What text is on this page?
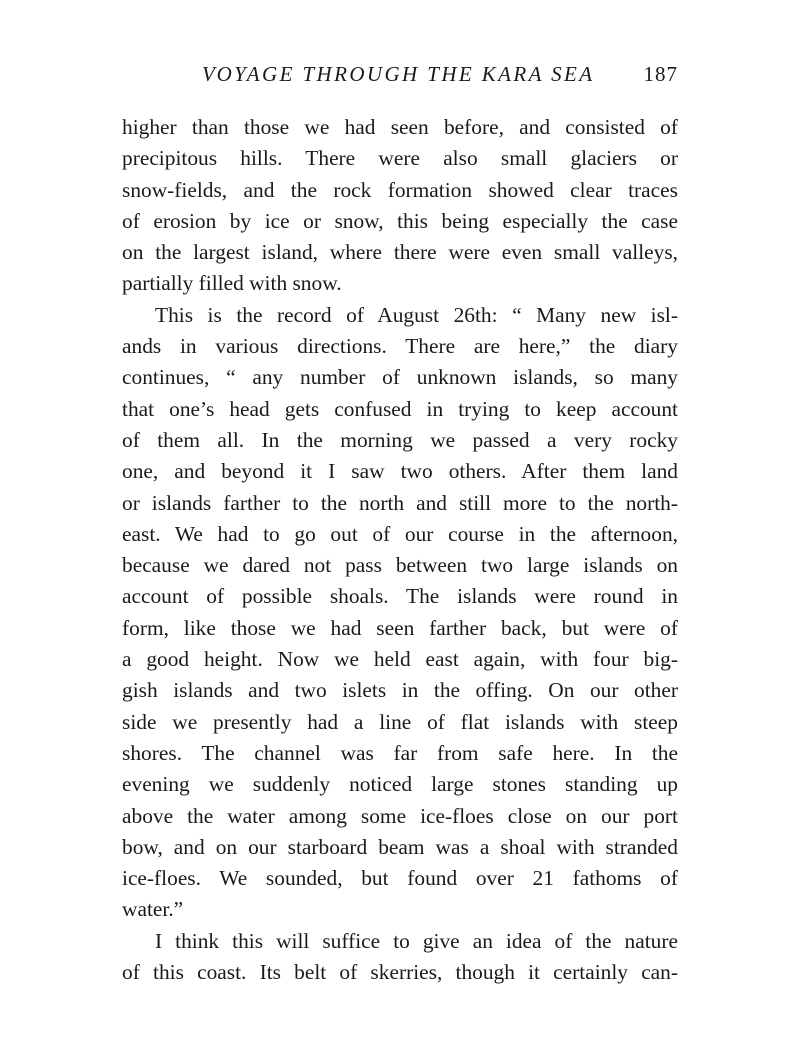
VOYAGE THROUGH THE KARA SEA 187
higher than those we had seen before, and consisted of
precipitous hills. There were also small glaciers or
snow-fields, and the rock formation showed clear traces
of erosion by ice or snow, this being especially the case
on the largest island, where there were even small valleys,
partially filled with snow.
This is the record of August 26th: “ Many new isl-
ands in various directions. There are here,” the diary
continues, “ any number of unknown islands, so many
that one’s head gets confused in trying to keep account
of them all. In the morning we passed a very rocky
one, and beyond it I saw two others. After them land
or islands farther to the north and still more to the north-
east. We had to go out of our course in the afternoon,
because we dared not pass between two large islands on
account of possible shoals. The islands were round in
form, like those we had seen farther back, but were of
a good height. Now we held east again, with four big-
gish islands and two islets in the offing. On our other
side we presently had a line of flat islands with steep
shores. The channel was far from safe here. In the
evening we suddenly noticed large stones standing up
above the water among some ice-floes close on our port
bow, and on our starboard beam was a shoal with stranded
ice-floes. We sounded, but found over 21 fathoms of
water.”
I think this will suffice to give an idea of the nature
of this coast. Its belt of skerries, though it certainly can-
